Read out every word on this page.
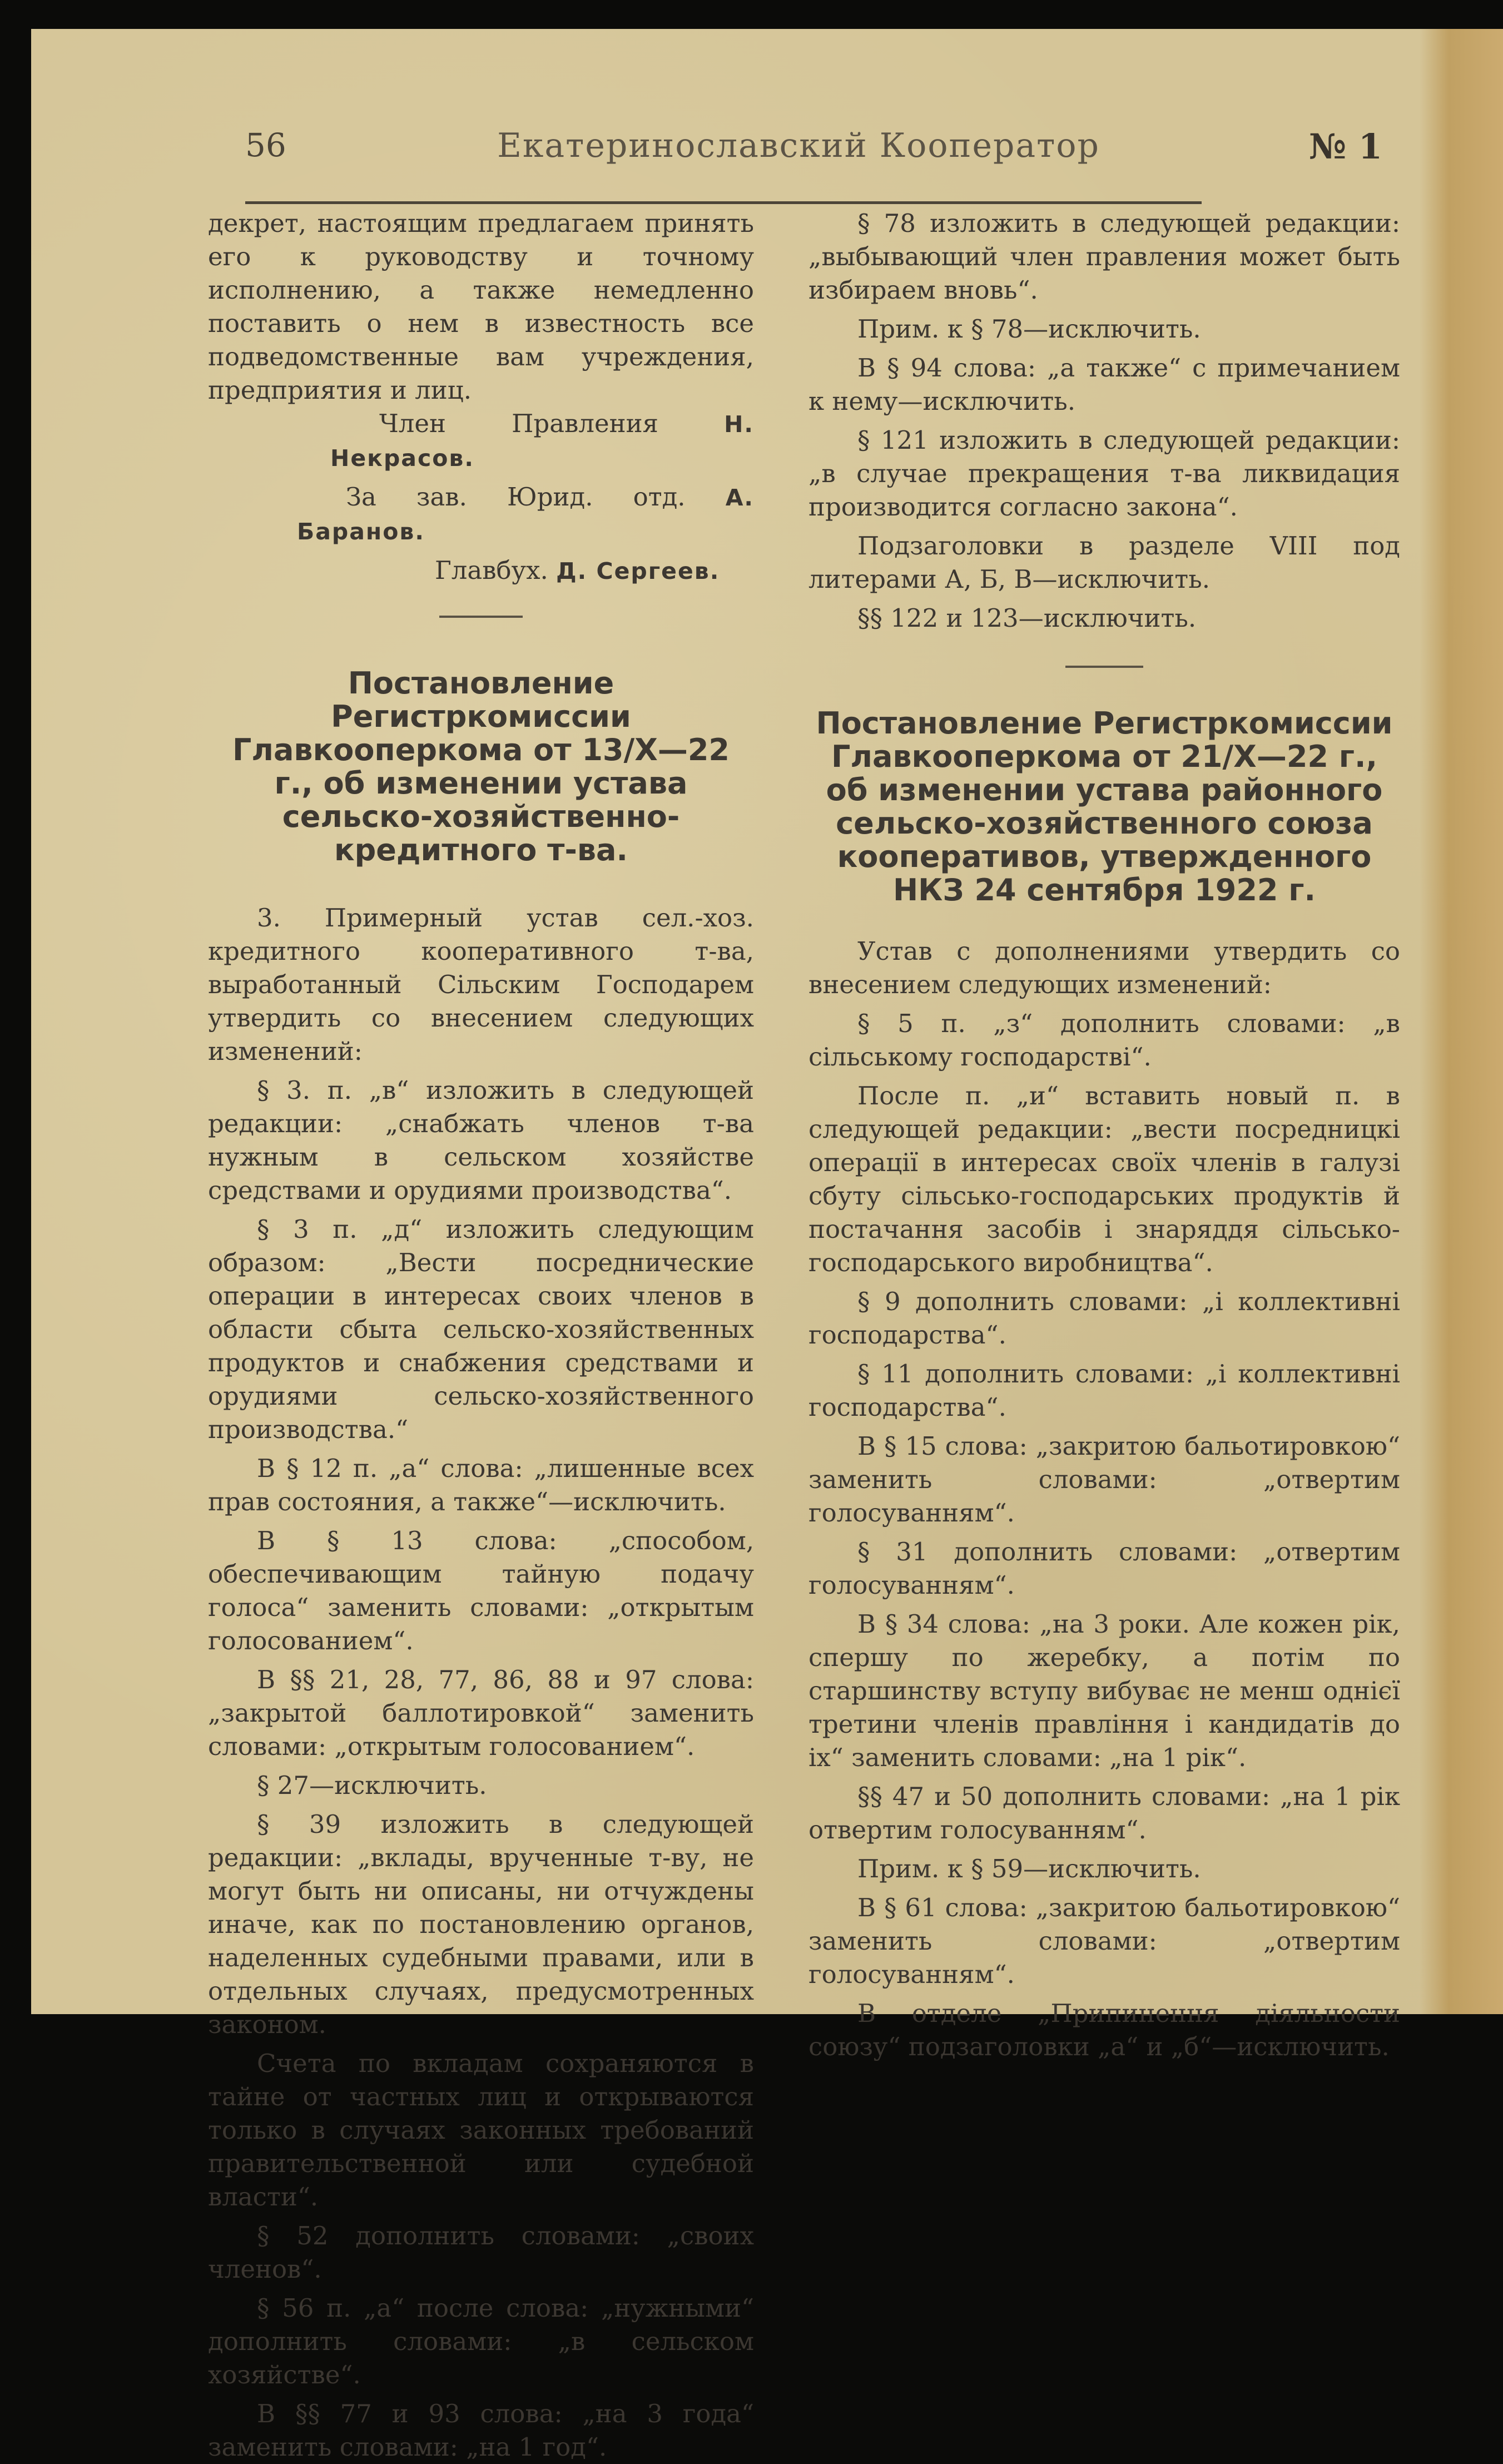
56	Екатеринославский Кооператор	№ 1

декрет, настоящим предлагаем принять его к руководству и точному исполнению, а также немедленно поставить о нем в известность все подведомственные вам учреждения, предприятия и лиц.

Член Правления	Н. Некрасов.

За зав. Юрид. отд. А. Баранов.

Главбух. Д. Сергеев.

Постановление Регистркомиссии Главкооперкома от 13/X—22 г., об изменении устава сельско-хозяйственно-кредитного т-ва.

3. Примерный устав сел.-хоз. кредитного кооперативного т-ва, выработанный Сільским Господарем утвердить со внесением следующих изменений:

§ 3. п. „в“ изложить в следующей редакции: „снабжать членов т-ва нужным в сельском хозяйстве средствами и орудиями производства“.

§ 3 п. „д“ изложить следующим образом: „Вести посреднические операции в интересах своих членов в области сбыта сельско-хозяйственных продуктов и снабжения средствами и орудиями сельско-хозяйственного производства.“

В § 12 п. „а“ слова: „лишенные всех прав состояния, а также“—исключить.

В § 13 слова: „способом, обеспечивающим тайную подачу голоса“ заменить словами: „открытым голосованием“.

В §§ 21, 28, 77, 86, 88 и 97 слова: „закрытой баллотировкой“ заменить словами: „открытым голосованием“.

§ 27—исключить.

§ 39 изложить в следующей редакции: „вклады, врученные т-ву, не могут быть ни описаны, ни отчуждены иначе, как по постановлению органов, наделенных судебными правами, или в отдельных случаях, предусмотренных законом.

Счета по вкладам сохраняются в тайне от частных лиц и открываются только в случаях законных требований правительственной или судебной власти“.

§ 52 дополнить словами: „своих членов“.

§ 56 п. „а“ после слова: „нужными“ дополнить словами: „в сельском хозяйстве“.

В §§ 77 и 93 слова: „на 3 года“ заменить словами: „на 1 год“.

§ 78 изложить в следующей редакции: „выбывающий член правления может быть избираем вновь“.

Прим. к § 78—исключить.

В § 94 слова: „а также“ с примечанием к нему—исключить.

§ 121 изложить в следующей редакции: „в случае прекращения т-ва ликвидация производится согласно закона“.

Подзаголовки в разделе VIII под литерами А, Б, В—исключить.

§§ 122 и 123—исключить.

Постановление Регистркомиссии Главкооперкома от 21/X—22 г., об изменении устава районного сельско-хозяйственного союза кооперативов, утвержденного НКЗ 24 сентября 1922 г.

Устав с дополнениями утвердить со внесением следующих изменений:

§ 5 п. „з“ дополнить словами: „в сільському господарстві“.

После п. „и“ вставить новый п. в следующей редакции: „вести посредницкі операції в интересах своїх членів в галузі сбуту сільсько-господарських продуктів й постачання засобів і знаряддя сільсько-господарського виробництва“.

§ 9 дополнить словами: „і коллективні господарства“.

§ 11 дополнить словами: „і коллективні господарства“.

В § 15 слова: „закритою бальотировкою“ заменить словами: „отвертим голосуванням“.

§ 31 дополнить словами: „отвертим голосуванням“.

В § 34 слова: „на 3 роки. Але кожен рік, спершу по жеребку, а потім по старшинству вступу вибуває не менш однієї третини членів правління і кандидатів до іх“ заменить словами: „на 1 рік“.

§§ 47 и 50 дополнить словами: „на 1 рік отвертим голосуванням“.

Прим. к § 59—исключить.

В § 61 слова: „закритою бальотировкою“ заменить словами: „отвертим голосуванням“.

В отделе „Припинення діяльности союзу“ подзаголовки „а“ и „б“—исключить.
